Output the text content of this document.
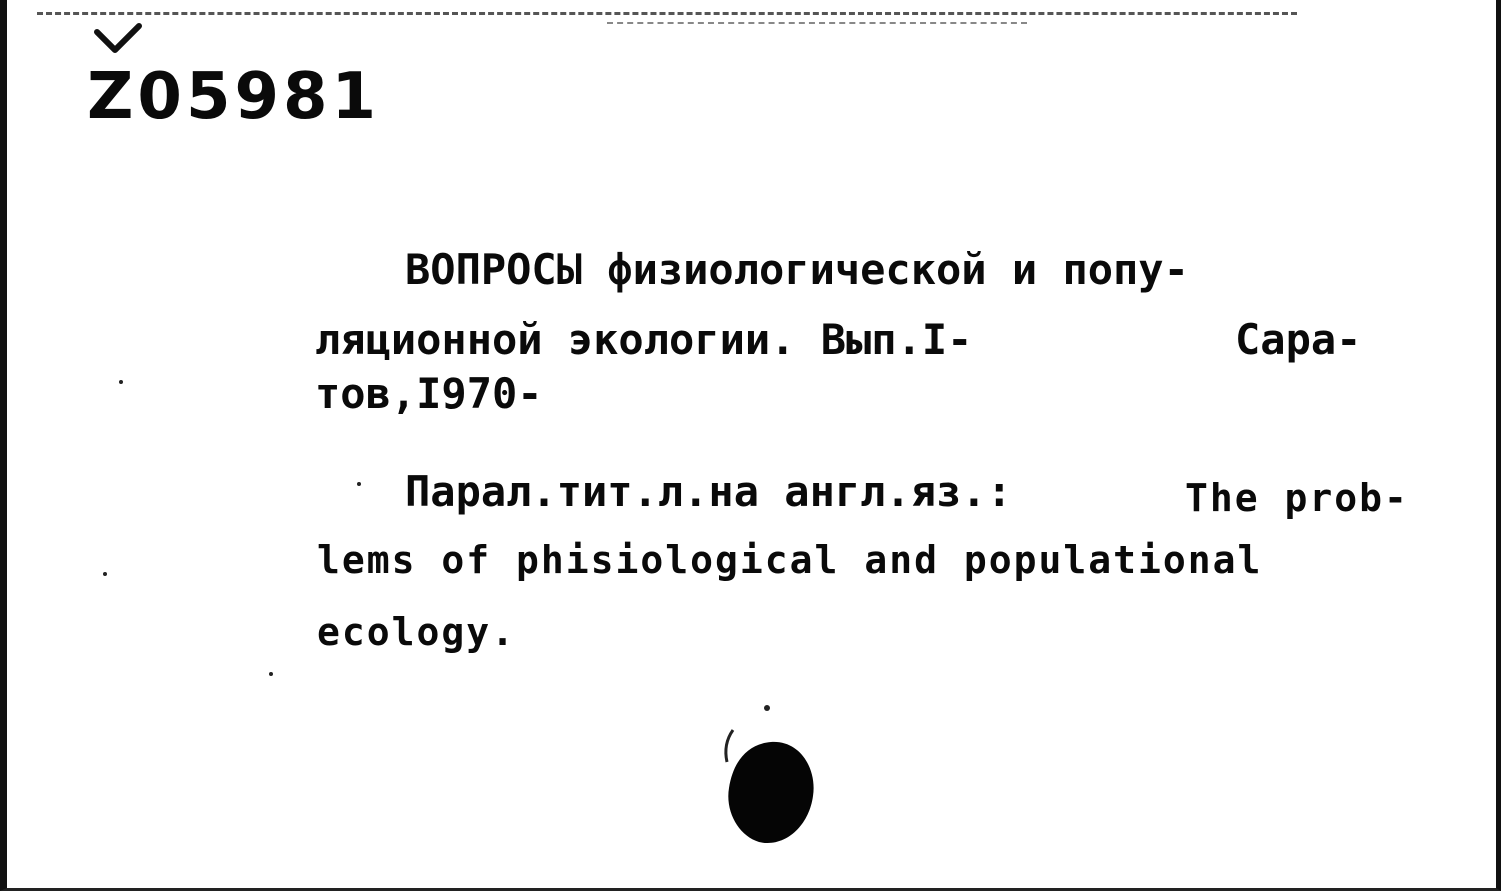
Z05981
ВОПРОСЫ физиологической и попу-
ляционной экологии. Вып.I-	Сара-
тов,I970-
Парал.тит.л.на англ.яз.:	The prob-
lems of phisiological and populational
ecology.
